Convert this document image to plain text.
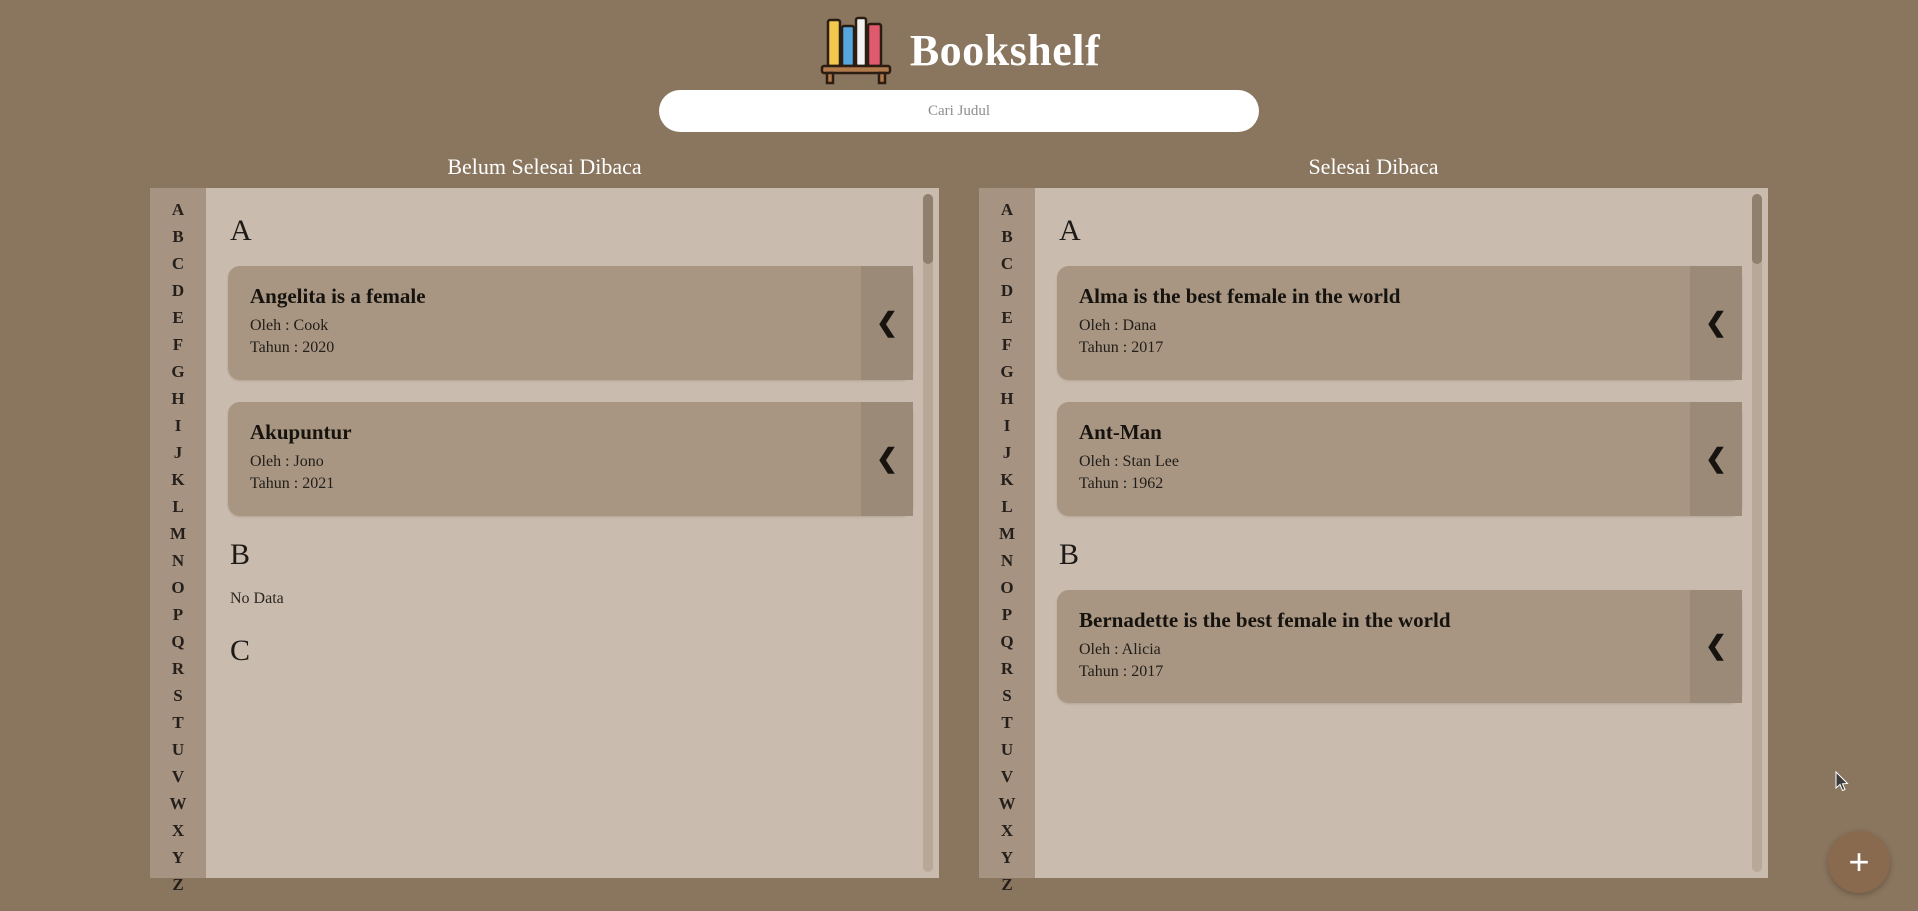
Bookshelf
Cari Judul
Belum Selesai Dibaca
A
B
C
D
E
F
G
H
I
J
K
L
M
N
O
P
Q
R
S
T
U
V
W
X
Y
Z
A
Angelita is a female
Oleh : Cook
Tahun : 2020
❮
Akupuntur
Oleh : Jono
Tahun : 2021
❮
B
No Data
C
Selesai Dibaca
A
B
C
D
E
F
G
H
I
J
K
L
M
N
O
P
Q
R
S
T
U
V
W
X
Y
Z
A
Alma is the best female in the world
Oleh : Dana
Tahun : 2017
❮
Ant-Man
Oleh : Stan Lee
Tahun : 1962
❮
B
Bernadette is the best female in the world
Oleh : Alicia
Tahun : 2017
❮
+
